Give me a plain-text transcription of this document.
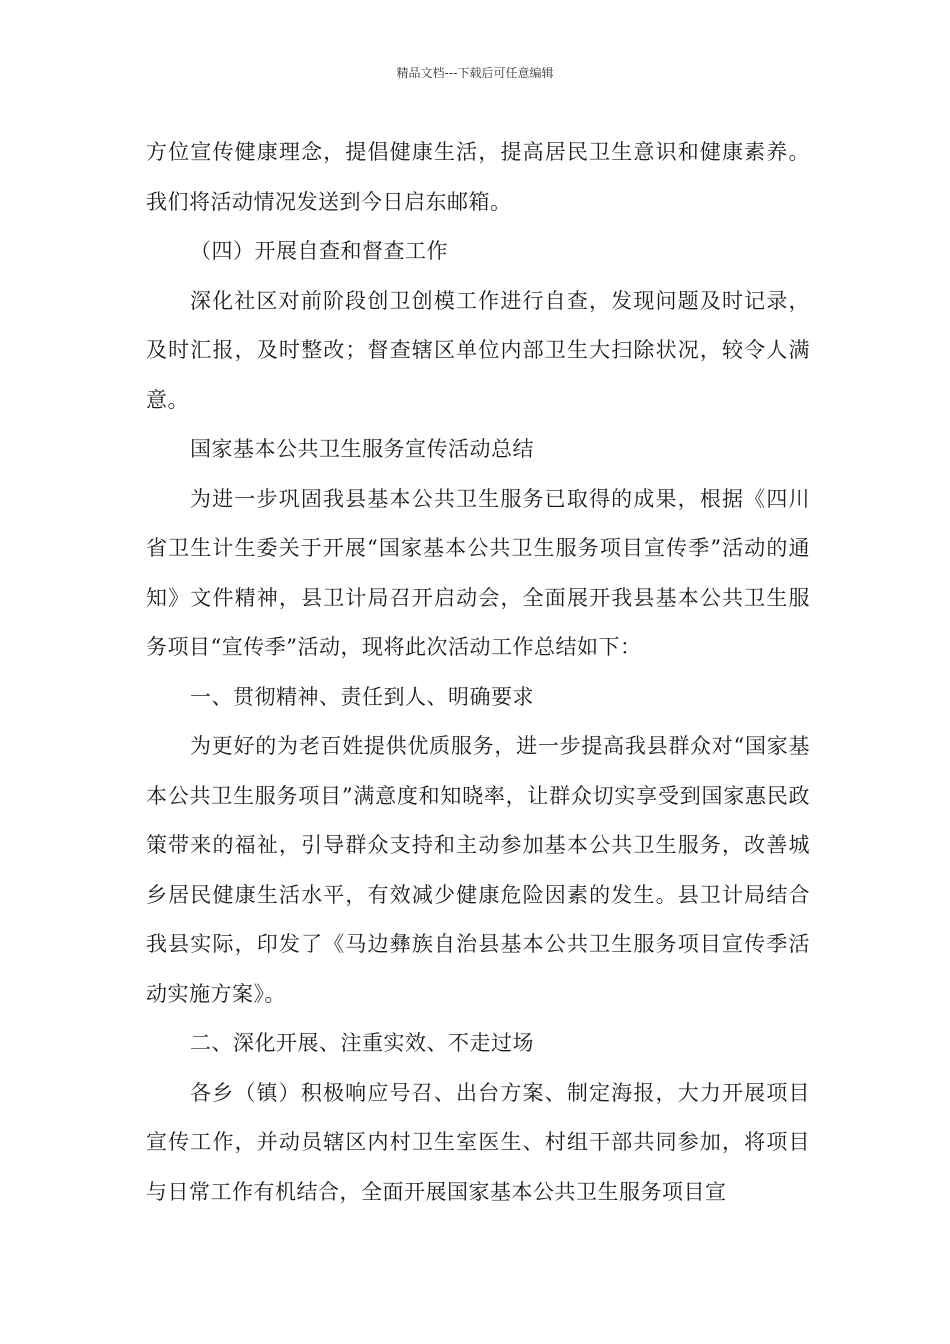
精品文档---下载后可任意编辑

方位宣传健康理念，提倡健康生活，提高居民卫生意识和健康素养。我们将活动情况发送到今日启东邮箱。

（四）开展自查和督查工作

深化社区对前阶段创卫创模工作进行自查，发现问题及时记录，及时汇报，及时整改；督查辖区单位内部卫生大扫除状况，较令人满意。

国家基本公共卫生服务宣传活动总结

为进一步巩固我县基本公共卫生服务已取得的成果，根据《四川省卫生计生委关于开展“国家基本公共卫生服务项目宣传季”活动的通知》文件精神，县卫计局召开启动会，全面展开我县基本公共卫生服务项目“宣传季”活动，现将此次活动工作总结如下：

一、贯彻精神、责任到人、明确要求

为更好的为老百姓提供优质服务，进一步提高我县群众对“国家基本公共卫生服务项目”满意度和知晓率，让群众切实享受到国家惠民政策带来的福祉，引导群众支持和主动参加基本公共卫生服务，改善城乡居民健康生活水平，有效减少健康危险因素的发生。县卫计局结合我县实际，印发了《马边彝族自治县基本公共卫生服务项目宣传季活动实施方案》。

二、深化开展、注重实效、不走过场

各乡（镇）积极响应号召、出台方案、制定海报，大力开展项目宣传工作，并动员辖区内村卫生室医生、村组干部共同参加，将项目与日常工作有机结合，全面开展国家基本公共卫生服务项目宣
